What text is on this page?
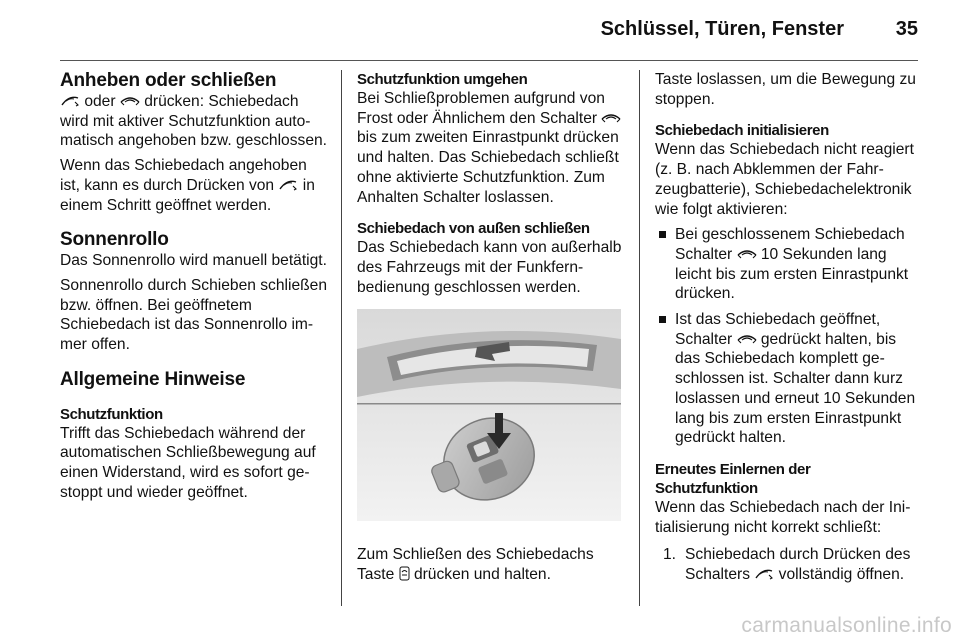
Schlüssel, Türen, Fenster	35
Anheben oder schließen

oder
drücken: Schiebedach wird mit aktiver Schutzfunktion automatisch angehoben bzw. geschlossen.

Wenn das Schiebedach angehoben ist, kann es durch Drücken von
in einem Schritt geöffnet werden.

Sonnenrollo

Das Sonnenrollo wird manuell betätigt.

Sonnenrollo durch Schieben schließen bzw. öffnen. Bei geöffnetem Schiebedach ist das Sonnenrollo immer offen.

Allgemeine Hinweise
Schutzfunktion

Trifft das Schiebedach während der automatischen Schließbewegung auf einen Widerstand, wird es sofort gestoppt und wieder geöffnet.

Schutzfunktion umgehen

Bei Schließproblemen aufgrund von Frost oder Ähnlichem den Schalter
bis zum zweiten Einrastpunkt drücken und halten. Das Schiebedach schließt ohne aktivierte Schutzfunktion. Zum Anhalten Schalter loslassen.

Schiebedach von außen schließen

Das Schiebedach kann von außerhalb des Fahrzeugs mit der Funkfernbedienung geschlossen werden.

Zum Schließen des Schiebedachs Taste
drücken und halten.

Taste loslassen, um die Bewegung zu stoppen.

Schiebedach initialisieren

Wenn das Schiebedach nicht reagiert (z. B. nach Abklemmen der Fahrzeugbatterie), Schiebedachelektronik wie folgt aktivieren:

Bei geschlossenem Schiebedach Schalter
10 Sekunden lang leicht bis zum ersten Einrastpunkt drücken.
Ist das Schiebedach geöffnet, Schalter
gedrückt halten, bis das Schiebedach komplett geschlossen ist. Schalter dann kurz loslassen und erneut 10 Sekunden lang bis zum ersten Einrastpunkt gedrückt halten.
Erneutes Einlernen der
Schutzfunktion

Wenn das Schiebedach nach der Initialisierung nicht korrekt schließt:

1. Schiebedach durch Drücken des Schalters
vollständig öffnen.
carmanualsonline.info
